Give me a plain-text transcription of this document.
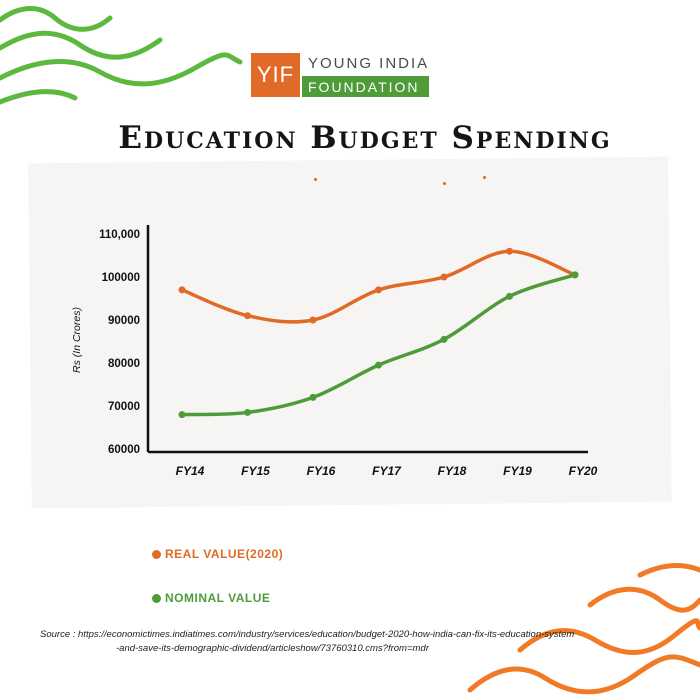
YIF YOUNG INDIA
FOUNDATION
Education Budget Spending
60000
70000
80000
90000
100000
110,000
FY14	FY15	FY16	FY17	FY18	FY19	FY20
Rs (In Crores)
REAL VALUE(2020)
NOMINAL VALUE
Source : https://economictimes.indiatimes.com/industry/services/education/budget-2020-how-india-can-fix-its-education-system
-and-save-its-demographic-dividend/articleshow/73760310.cms?from=mdr
